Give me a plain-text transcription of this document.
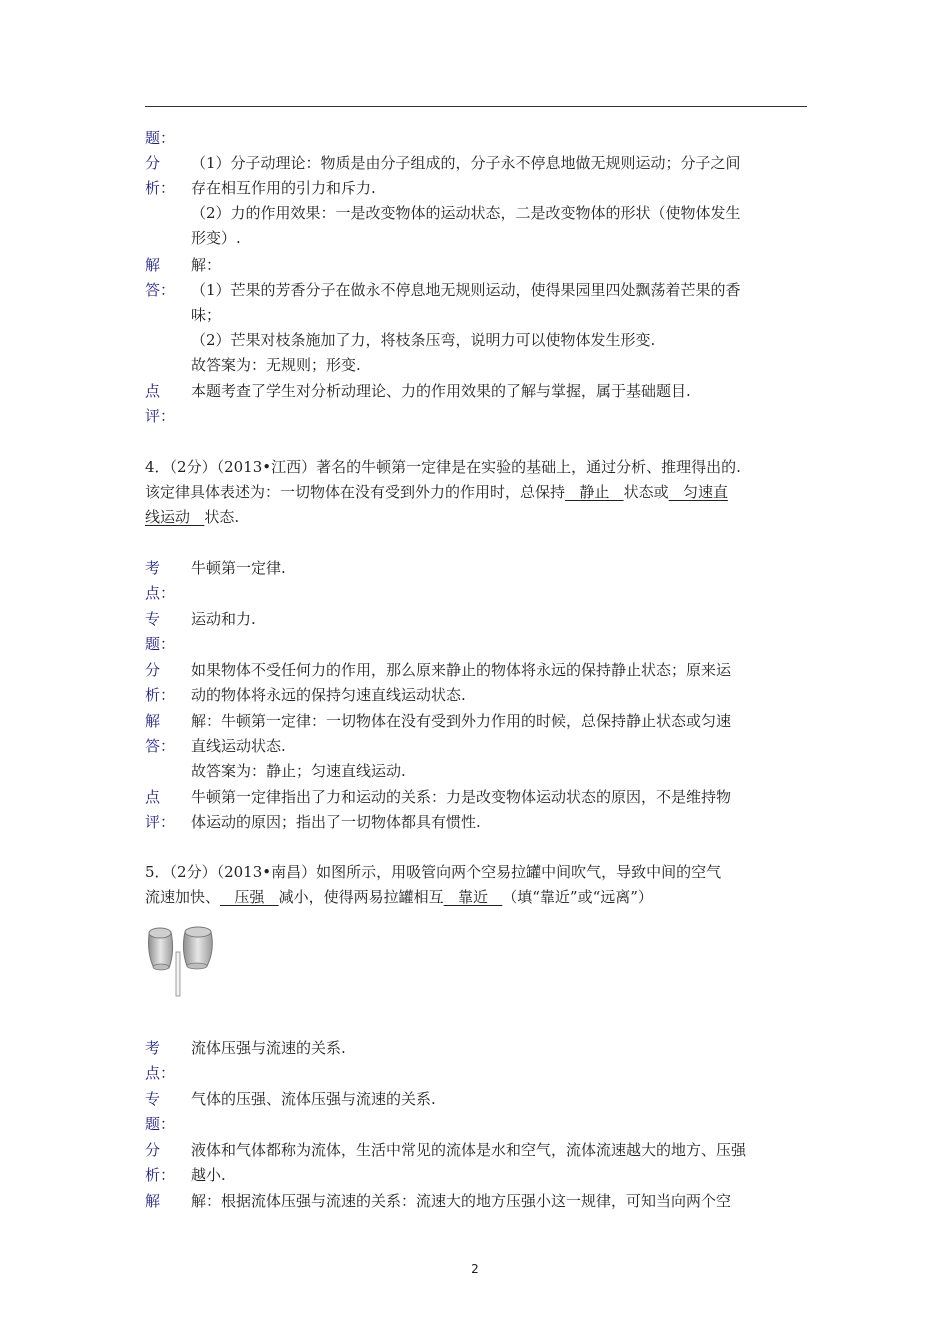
题：
分
析：
（1）分子动理论：物质是由分子组成的，分子永不停息地做无规则运动；分子之间
存在相互作用的引力和斥力.
（2）力的作用效果：一是改变物体的运动状态，二是改变物体的形状（使物体发生
形变）.
解
答：
解：
（1）芒果的芳香分子在做永不停息地无规则运动，使得果园里四处飘荡着芒果的香
味；
（2）芒果对枝条施加了力，将枝条压弯，说明力可以使物体发生形变.
故答案为：无规则；形变.
点
评：
本题考查了学生对分析动理论、力的作用效果的了解与掌握，属于基础题目.
4．（2分）（2013•江西）著名的牛顿第一定律是在实验的基础上，通过分析、推理得出的.
该定律具体表述为：一切物体在没有受到外力的作用时，总保持   静止   状态或   匀速直
线运动   状态.
考
点：
牛顿第一定律.
专
题：
运动和力.
分
析：
如果物体不受任何力的作用，那么原来静止的物体将永远的保持静止状态；原来运
动的物体将永远的保持匀速直线运动状态.
解
答：
解：牛顿第一定律：一切物体在没有受到外力作用的时候，总保持静止状态或匀速
直线运动状态.
故答案为：静止；匀速直线运动.
点
评：
牛顿第一定律指出了力和运动的关系：力是改变物体运动状态的原因，不是维持物
体运动的原因；指出了一切物体都具有惯性.
5．（2分）（2013•南昌）如图所示，用吸管向两个空易拉罐中间吹气，导致中间的空气
流速加快、   压强   减小，使得两易拉罐相互   靠近   （填“靠近”或“远离”）
考
点：
流体压强与流速的关系.
专
题：
气体的压强、流体压强与流速的关系.
分
析：
液体和气体都称为流体，生活中常见的流体是水和空气，流体流速越大的地方、压强
越小.
解 解：根据流体压强与流速的关系：流速大的地方压强小这一规律，可知当向两个空
2
